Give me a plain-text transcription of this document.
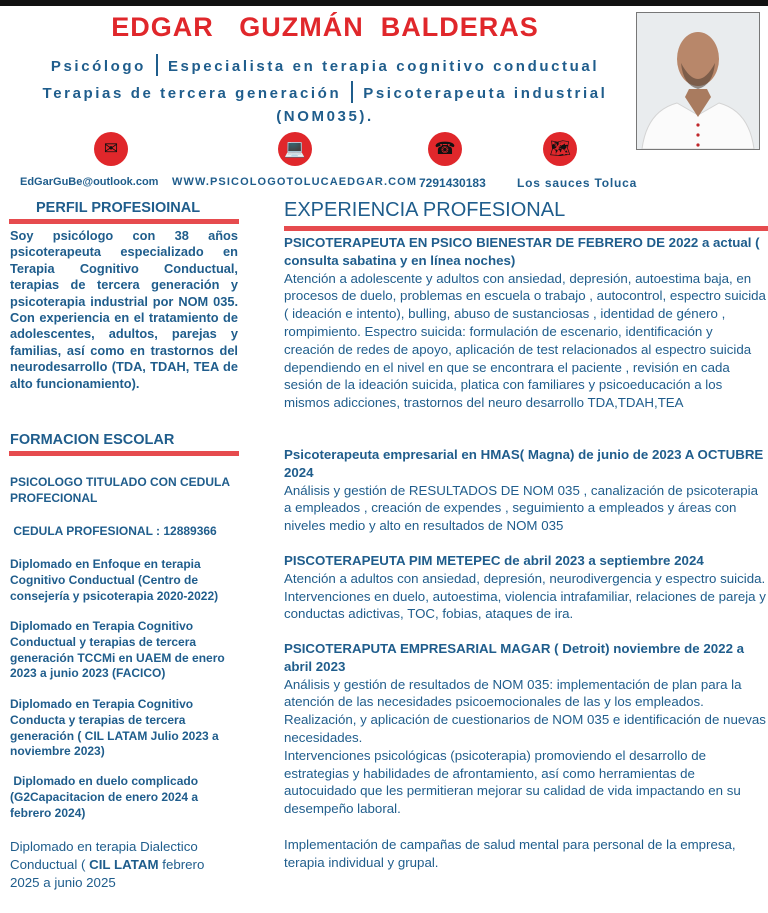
EDGAR   GUZMÁN  BALDERAS
Psicólogo Especialista en terapia cognitivo conductual
Terapias de tercera generación Psicoterapeuta industrial
(NOM035).
✉	💻	☎	🗺
EdGarGuBe@outlook.com WWW.PSICOLOGOTOLUCAEDGAR.COM 7291430183	Los sauces Toluca
PERFIL PROFESIOINAL

Soy psicólogo con 38 años psicoterapeuta especializado en Terapia Cognitivo Conductual, terapias de tercera generación y psicoterapia industrial por NOM 035. Con experiencia en el tratamiento de adolescentes, adultos, parejas y familias, así como en trastornos del neurodesarrollo (TDA, TDAH, TEA de alto funcionamiento).

FORMACION ESCOLAR

PSICOLOGO TITULADO CON CEDULA PROFECIONAL

CEDULA PROFESIONAL : 12889366

Diplomado en Enfoque en terapia Cognitivo Conductual (Centro de consejería y psicoterapia 2020-2022)

Diplomado en Terapia Cognitivo Conductual y terapias de tercera generación TCCMi en UAEM de enero 2023 a junio 2023 (FACICO)

Diplomado en Terapia Cognitivo Conducta y terapias de tercera generación ( CIL LATAM Julio 2023 a noviembre 2023)

Diplomado en duelo complicado (G2Capacitacion de enero 2024 a febrero 2024)

Diplomado en terapia Dialectico Conductual ( CIL LATAM febrero 2025 a junio 2025

EXPERIENCIA PROFESIONAL

PSICOTERAPEUTA EN PSICO BIENESTAR DE FEBRERO DE 2022 a actual ( consulta sabatina y en línea noches)

Atención a adolescente y adultos con ansiedad, depresión, autoestima baja, en procesos de duelo, problemas en escuela o trabajo , autocontrol, espectro suicida ( ideación e intento), bulling, abuso de sustanciosas , identidad de género , rompimiento. Espectro suicida: formulación de escenario, identificación y creación de redes de apoyo, aplicación de test relacionados al espectro suicida dependiendo en el nivel en que se encontrara el paciente , revisión en cada sesión de la ideación suicida, platica con familiares y psicoeducación a los mismos adicciones, trastornos del neuro desarrollo TDA,TDAH,TEA

Psicoterapeuta empresarial en HMAS( Magna) de junio de 2023 A OCTUBRE 2024

Análisis y gestión de RESULTADOS DE NOM 035 , canalización de psicoterapia a empleados , creación de expendes , seguimiento a empleados y áreas con niveles medio y alto en resultados de NOM 035

PISCOTERAPEUTA PIM METEPEC de abril 2023 a septiembre 2024

Atención a adultos con ansiedad, depresión, neurodivergencia y espectro suicida. Intervenciones en duelo, autoestima, violencia intrafamiliar, relaciones de pareja y conductas adictivas, TOC, fobias, ataques de ira.

PSICOTERAPUTA EMPRESARIAL MAGAR ( Detroit) noviembre de 2022 a abril 2023

Análisis y gestión de resultados de NOM 035: implementación de plan para la atención de las necesidades psicoemocionales de las y los empleados. Realización, y aplicación de cuestionarios de NOM 035 e identificación de nuevas necesidades.

Intervenciones psicológicas (psicoterapia) promoviendo el desarrollo de estrategias y habilidades de afrontamiento, así como herramientas de autocuidado que les permitieran mejorar su calidad de vida impactando en su desempeño laboral.

Implementación de campañas de salud mental para personal de la empresa, terapia individual y grupal.
